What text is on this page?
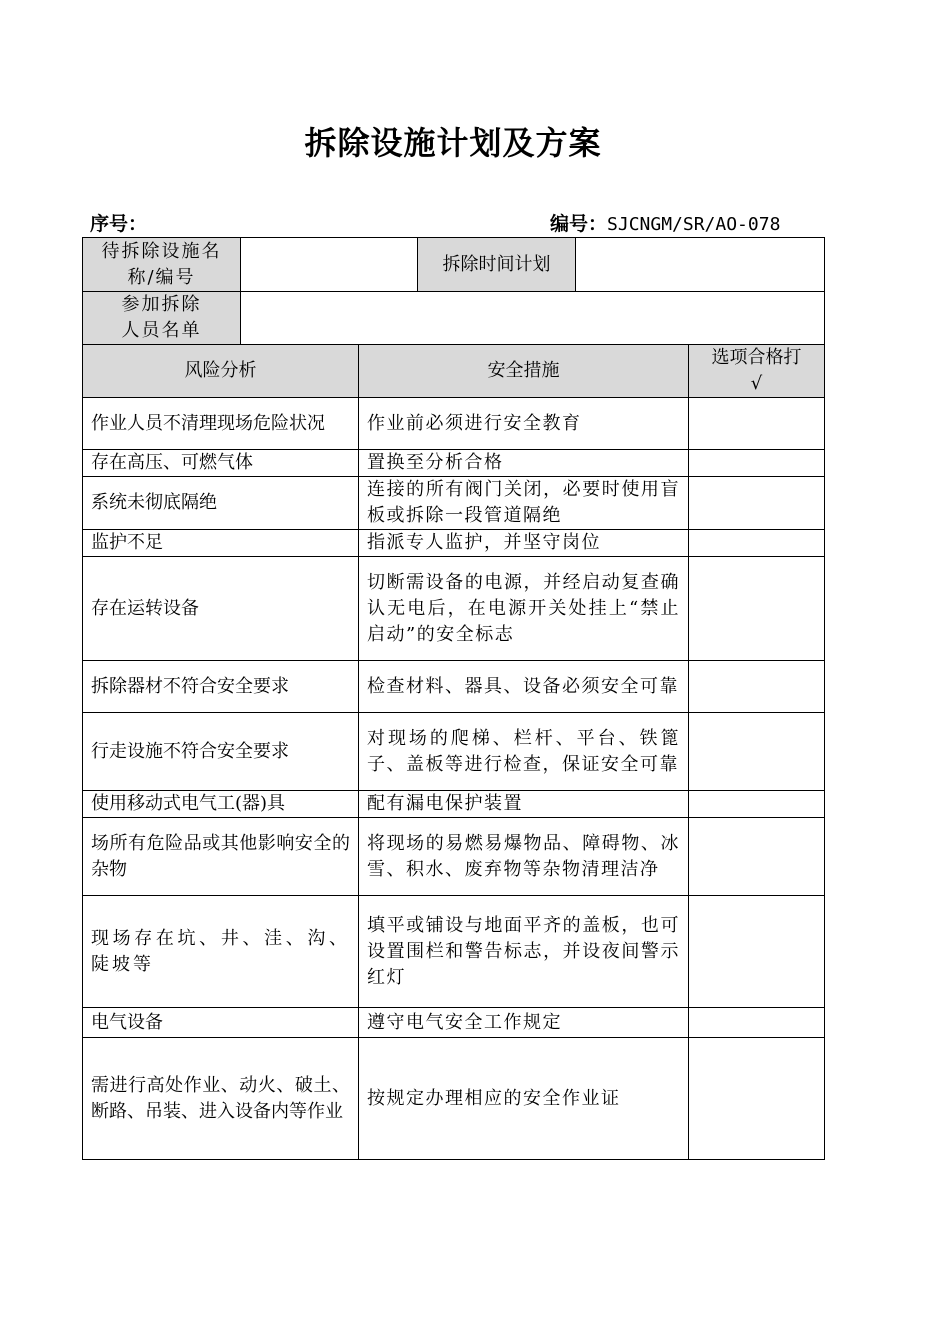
拆除设施计划及方案
序号：	编号：SJCNGM/SR/AO-078
待拆除设施名称/编号		拆除时间计划	
参加拆除人员名单			
风险分析	安全措施	选项合格打
√
作业人员不清理现场危险状况	作业前必须进行安全教育	
存在高压、可燃气体	置换至分析合格	
系统未彻底隔绝	连接的所有阀门关闭，必要时使用盲板或拆除一段管道隔绝	
监护不足	指派专人监护，并坚守岗位	
存在运转设备	切断需设备的电源，并经启动复查确认无电后，在电源开关处挂上“禁止启动”的安全标志	
拆除器材不符合安全要求	检查材料、器具、设备必须安全可靠	
行走设施不符合安全要求	对现场的爬梯、栏杆、平台、铁篦子、盖板等进行检查，保证安全可靠	
使用移动式电气工(器)具	配有漏电保护装置	
场所有危险品或其他影响安全的杂物	将现场的易燃易爆物品、障碍物、冰雪、积水、废弃物等杂物清理洁净	
现场存在坑、井、洼、沟、陡坡等	填平或铺设与地面平齐的盖板，也可设置围栏和警告标志，并设夜间警示红灯	
电气设备	遵守电气安全工作规定	
需进行高处作业、动火、破土、断路、吊装、进入设备内等作业	按规定办理相应的安全作业证	
